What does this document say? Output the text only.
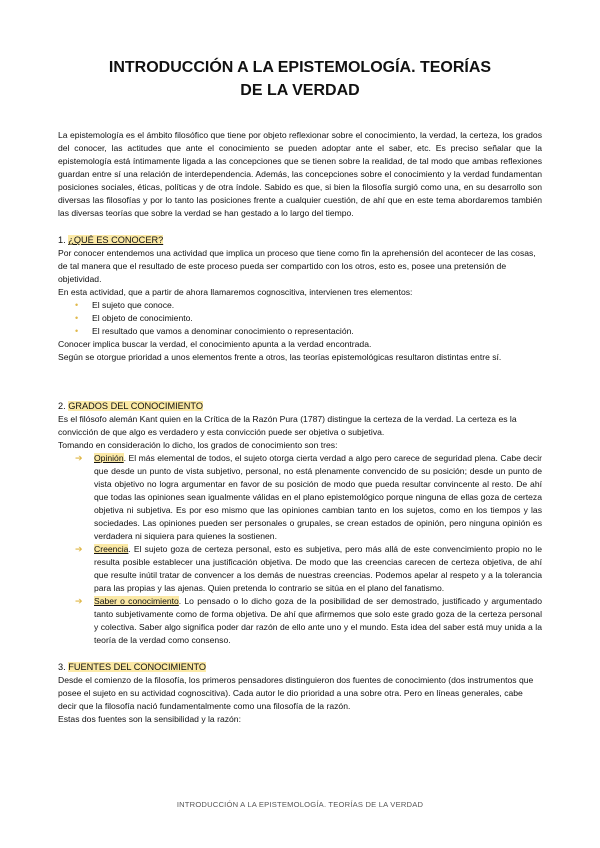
INTRODUCCIÓN A LA EPISTEMOLOGÍA. TEORÍAS
DE LA VERDAD

La epistemología es el ámbito filosófico que tiene por objeto reflexionar sobre el conocimiento, la verdad, la certeza, los grados del conocer, las actitudes que ante el conocimiento se pueden adoptar ante el saber, etc. Es preciso señalar que la epistemología está íntimamente ligada a las concepciones que se tienen sobre la realidad, de tal modo que ambas reflexiones guardan entre sí una relación de interdependencia. Además, las concepciones sobre el conocimiento y la verdad fundamentan posiciones sociales, éticas, políticas y de otra índole. Sabido es que, si bien la filosofía surgió como una, en su desarrollo son diversas las filosofías y por lo tanto las posiciones frente a cualquier cuestión, de ahí que en este tema abordaremos también las diversas teorías que sobre la verdad se han gestado a lo largo del tiempo.

1. ¿QUÉ ES CONOCER?

Por conocer entendemos una actividad que implica un proceso que tiene como fin la aprehensión del acontecer de las cosas, de tal manera que el resultado de este proceso pueda ser compartido con los otros, esto es, posee una pretensión de objetividad.

En esta actividad, que a partir de ahora llamaremos cognoscitiva, intervienen tres elementos:

• El sujeto que conoce.
• El objeto de conocimiento.
• El resultado que vamos a denominar conocimiento o representación.

Conocer implica buscar la verdad, el conocimiento apunta a la verdad encontrada.

Según se otorgue prioridad a unos elementos frente a otros, las teorías epistemológicas resultaron distintas entre sí.

2. GRADOS DEL CONOCIMIENTO

Es el filósofo alemán Kant quien en la Crítica de la Razón Pura (1787) distingue la certeza de la verdad. La certeza es la convicción de que algo es verdadero y esta convicción puede ser objetiva o subjetiva.

Tomando en consideración lo dicho, los grados de conocimiento son tres:

➔ Opinión. El más elemental de todos, el sujeto otorga cierta verdad a algo pero carece de seguridad plena. Cabe decir que desde un punto de vista subjetivo, personal, no está plenamente convencido de su posición; desde un punto de vista objetivo no logra argumentar en favor de su posición de modo que pueda resultar convincente al resto. De ahí que todas las opiniones sean igualmente válidas en el plano epistemológico porque ninguna de ellas goza de certeza objetiva ni subjetiva. Es por eso mismo que las opiniones cambian tanto en los sujetos, como en los tiempos y las sociedades. Las opiniones pueden ser personales o grupales, se crean estados de opinión, pero ninguna opinión es verdadera ni siquiera para quienes la sostienen.
➔ Creencia. El sujeto goza de certeza personal, esto es subjetiva, pero más allá de este convencimiento propio no le resulta posible establecer una justificación objetiva. De modo que las creencias carecen de certeza objetiva, de ahí que resulte inútil tratar de convencer a los demás de nuestras creencias. Podemos apelar al respeto y a la tolerancia para las propias y las ajenas. Quien pretenda lo contrario se sitúa en el plano del fanatismo.
➔ Saber o conocimiento. Lo pensado o lo dicho goza de la posibilidad de ser demostrado, justificado y argumentado tanto subjetivamente como de forma objetiva. De ahí que afirmemos que solo este grado goza de la certeza personal y colectiva. Saber algo significa poder dar razón de ello ante uno y el mundo. Esta idea del saber está muy unida a la teoría de la verdad como consenso.
3. FUENTES DEL CONOCIMIENTO

Desde el comienzo de la filosofía, los primeros pensadores distinguieron dos fuentes de conocimiento (dos instrumentos que posee el sujeto en su actividad cognoscitiva). Cada autor le dio prioridad a una sobre otra. Pero en líneas generales, cabe decir que la filosofía nació fundamentalmente como una filosofía de la razón.

Estas dos fuentes son la sensibilidad y la razón:

INTRODUCCIÓN A LA EPISTEMOLOGÍA. TEORÍAS DE LA VERDAD
